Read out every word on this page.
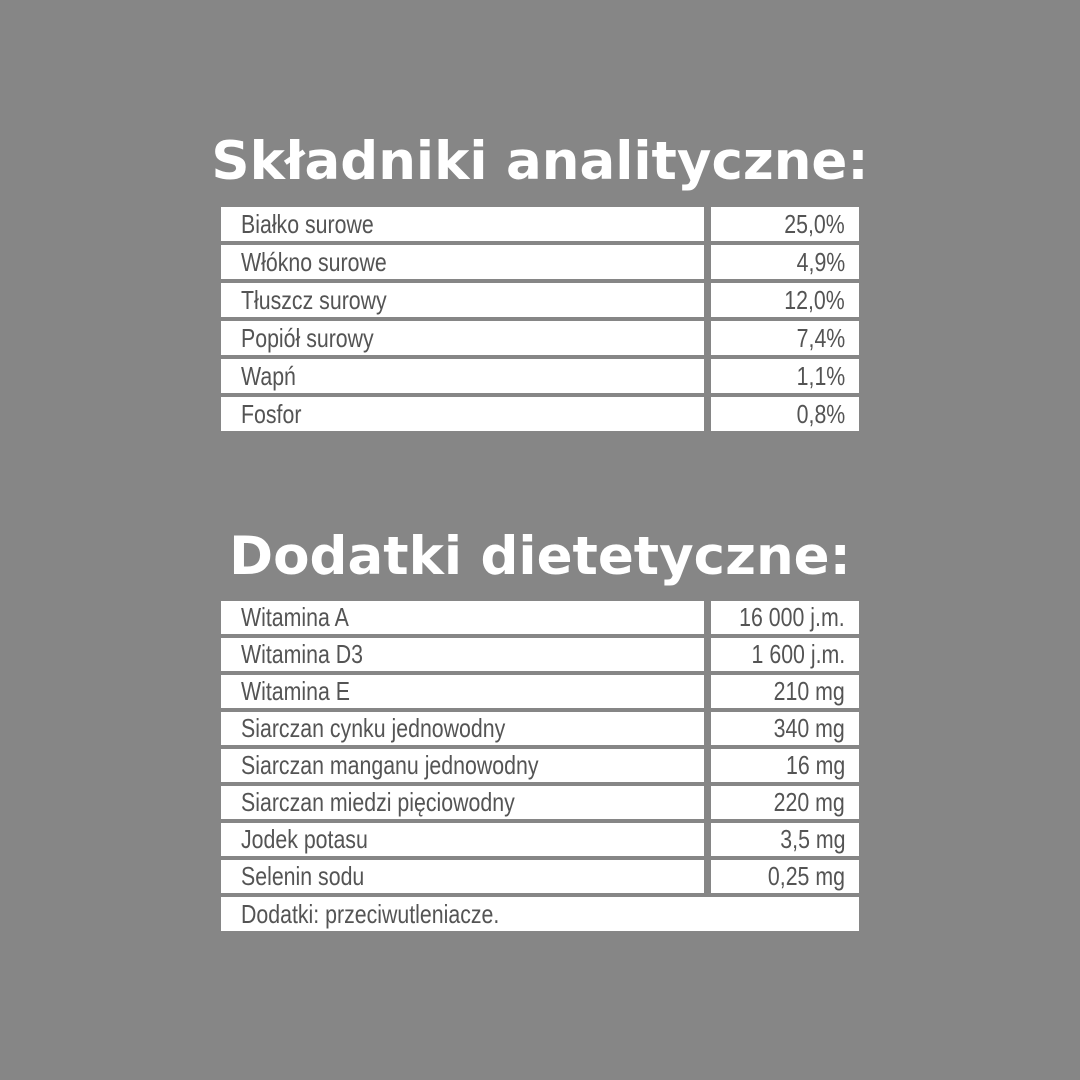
Składniki analityczne:
Białko surowe	25,0%
Włókno surowe	4,9%
Tłuszcz surowy	12,0%
Popiół surowy	7,4%
Wapń	1,1%
Fosfor	0,8%
Dodatki dietetyczne:
Witamina A	16 000 j.m.
Witamina D3	1 600 j.m.
Witamina E	210 mg
Siarczan cynku jednowodny	340 mg
Siarczan manganu jednowodny	16 mg
Siarczan miedzi pięciowodny	220 mg
Jodek potasu	3,5 mg
Selenin sodu	0,25 mg
Dodatki: przeciwutleniacze.
